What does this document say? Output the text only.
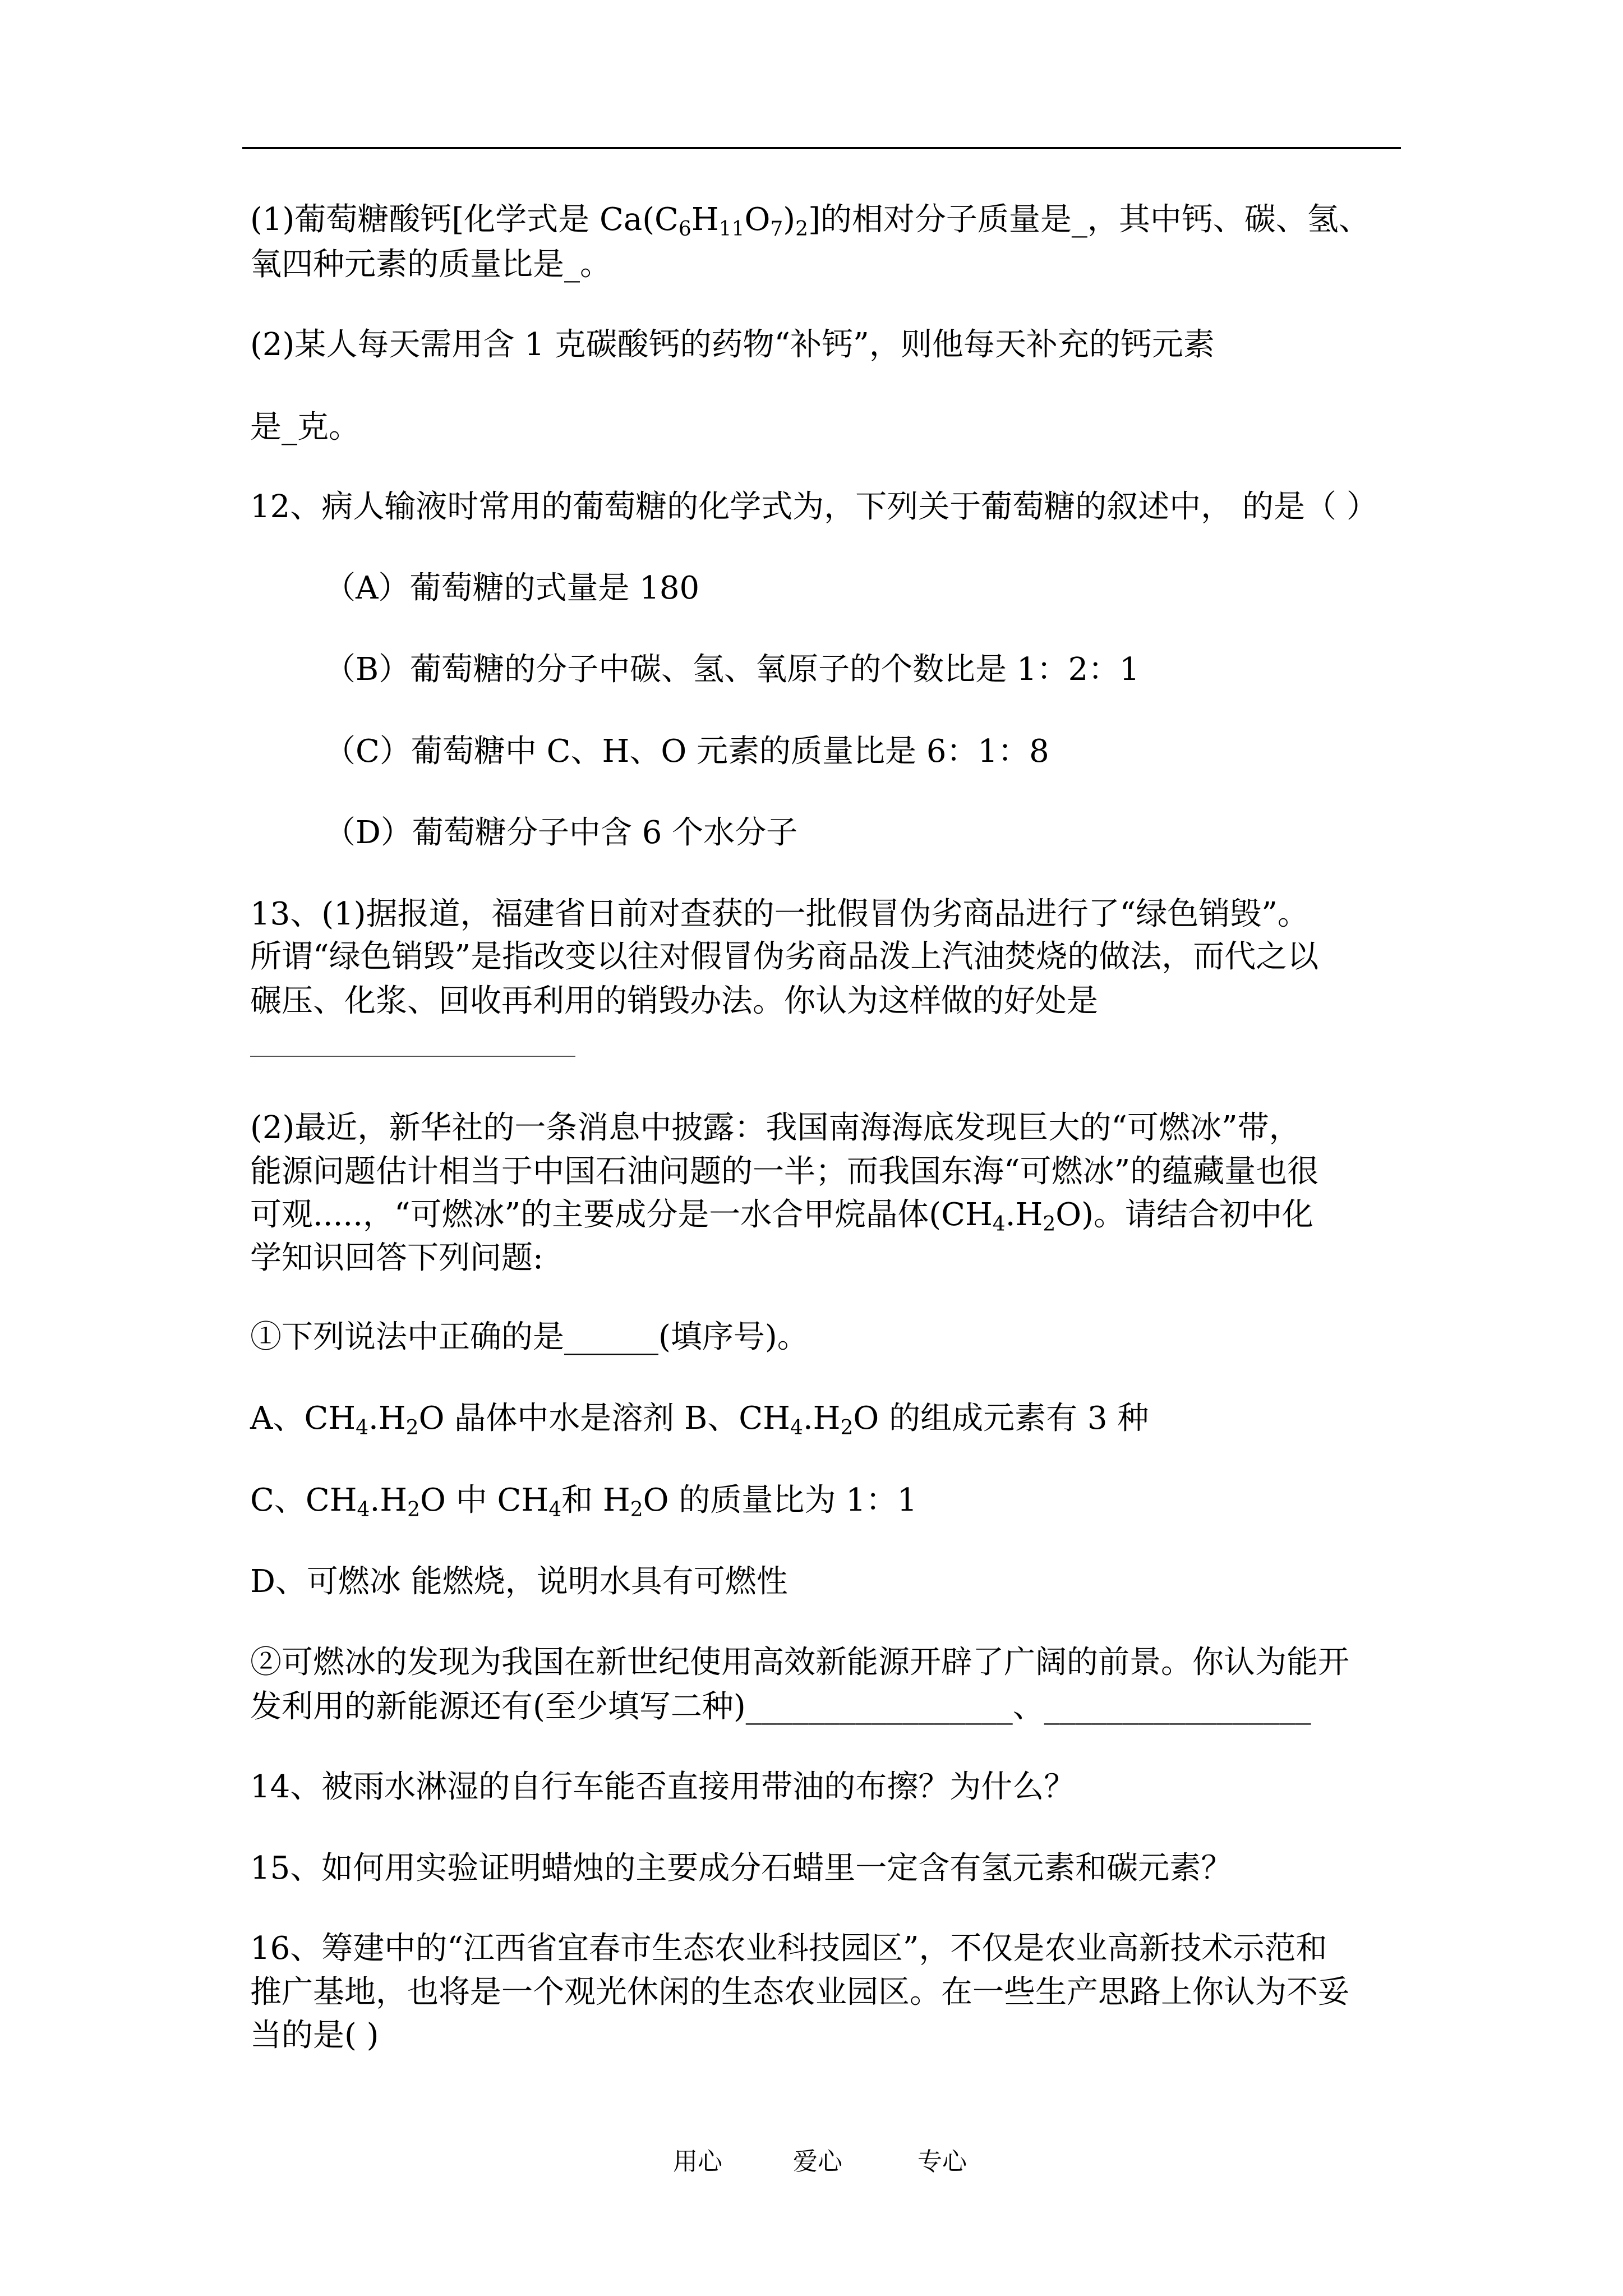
(1)葡萄糖酸钙[化学式是 $Ca(C_6H_{11}O_7)_2$]的相对分子质量是_，其中钙、碳、氢、
氧四种元素的质量比是_。
(2)某人每天需用含 1 克碳酸钙的药物“补钙”，则他每天补充的钙元素
是_克。
12、病人输液时常用的葡萄糖的化学式为，下列关于葡萄糖的叙述中， 的是（ ）
（A）葡萄糖的式量是 180
（B）葡萄糖的分子中碳、氢、氧原子的个数比是 1：2：1
（C）葡萄糖中 C、H、O 元素的质量比是 6：1：8
（D）葡萄糖分子中含 6 个水分子
13、(1)据报道，福建省日前对查获的一批假冒伪劣商品进行了“绿色销毁”。
所谓“绿色销毁”是指改变以往对假冒伪劣商品泼上汽油焚烧的做法，而代之以
碾压、化浆、回收再利用的销毁办法。你认为这样做的好处是
(2)最近，新华社的一条消息中披露：我国南海海底发现巨大的“可燃冰”带，
能源问题估计相当于中国石油问题的一半；而我国东海“可燃冰”的蕴藏量也很
可观.....，“可燃冰”的主要成分是一水合甲烷晶体$(CH_4.H_2O)$。请结合初中化
学知识回答下列问题:
①下列说法中正确的是______(填序号)。
A、$CH_4.H_2O$ 晶体中水是溶剂 B、$CH_4.H_2O$ 的组成元素有 3 种
C、$CH_4.H_2O$ 中 $CH_4$和 $H_2O$ 的质量比为 1：1
D、可燃冰 能燃烧，说明水具有可燃性
②可燃冰的发现为我国在新世纪使用高效新能源开辟了广阔的前景。你认为能开
发利用的新能源还有(至少填写二种)_________________、_________________
14、被雨水淋湿的自行车能否直接用带油的布擦？为什么？
15、如何用实验证明蜡烛的主要成分石蜡里一定含有氢元素和碳元素？
16、筹建中的“江西省宜春市生态农业科技园区”，不仅是农业高新技术示范和
推广基地，也将是一个观光休闲的生态农业园区。在一些生产思路上你认为不妥
当的是( )
用心	爱心	专心
